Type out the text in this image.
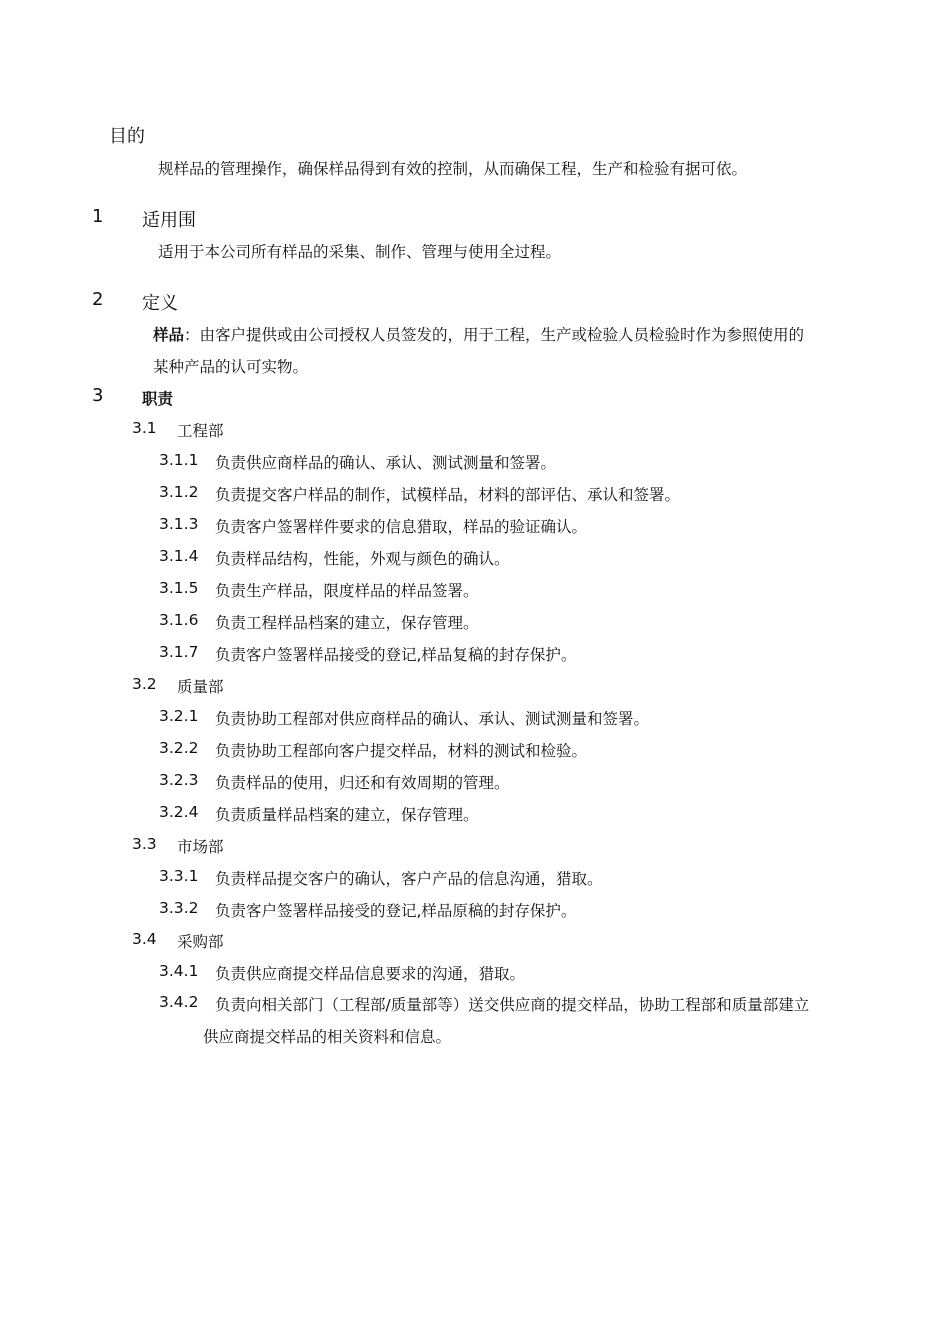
目的
规样品的管理操作，确保样品得到有效的控制，从而确保工程，生产和检验有据可依。
1 适用围
适用于本公司所有样品的采集、制作、管理与使用全过程。
2 定义
样品：由客户提供或由公司授权人员签发的，用于工程，生产或检验人员检验时作为参照使用的
某种产品的认可实物。
3 职责
3.1 工程部
3.1.1 负责供应商样品的确认、承认、测试测量和签署。
3.1.2 负责提交客户样品的制作，试模样品，材料的部评估、承认和签署。
3.1.3 负责客户签署样件要求的信息猎取，样品的验证确认。
3.1.4 负责样品结构，性能，外观与颜色的确认。
3.1.5 负责生产样品，限度样品的样品签署。
3.1.6 负责工程样品档案的建立，保存管理。
3.1.7 负责客户签署样品接受的登记,样品复稿的封存保护。
3.2 质量部
3.2.1 负责协助工程部对供应商样品的确认、承认、测试测量和签署。
3.2.2 负责协助工程部向客户提交样品，材料的测试和检验。
3.2.3 负责样品的使用，归还和有效周期的管理。
3.2.4 负责质量样品档案的建立，保存管理。
3.3 市场部
3.3.1 负责样品提交客户的确认，客户产品的信息沟通，猎取。
3.3.2 负责客户签署样品接受的登记,样品原稿的封存保护。
3.4 采购部
3.4.1 负责供应商提交样品信息要求的沟通，猎取。
3.4.2 负责向相关部门（工程部/质量部等）送交供应商的提交样品，协助工程部和质量部建立
供应商提交样品的相关资料和信息。
